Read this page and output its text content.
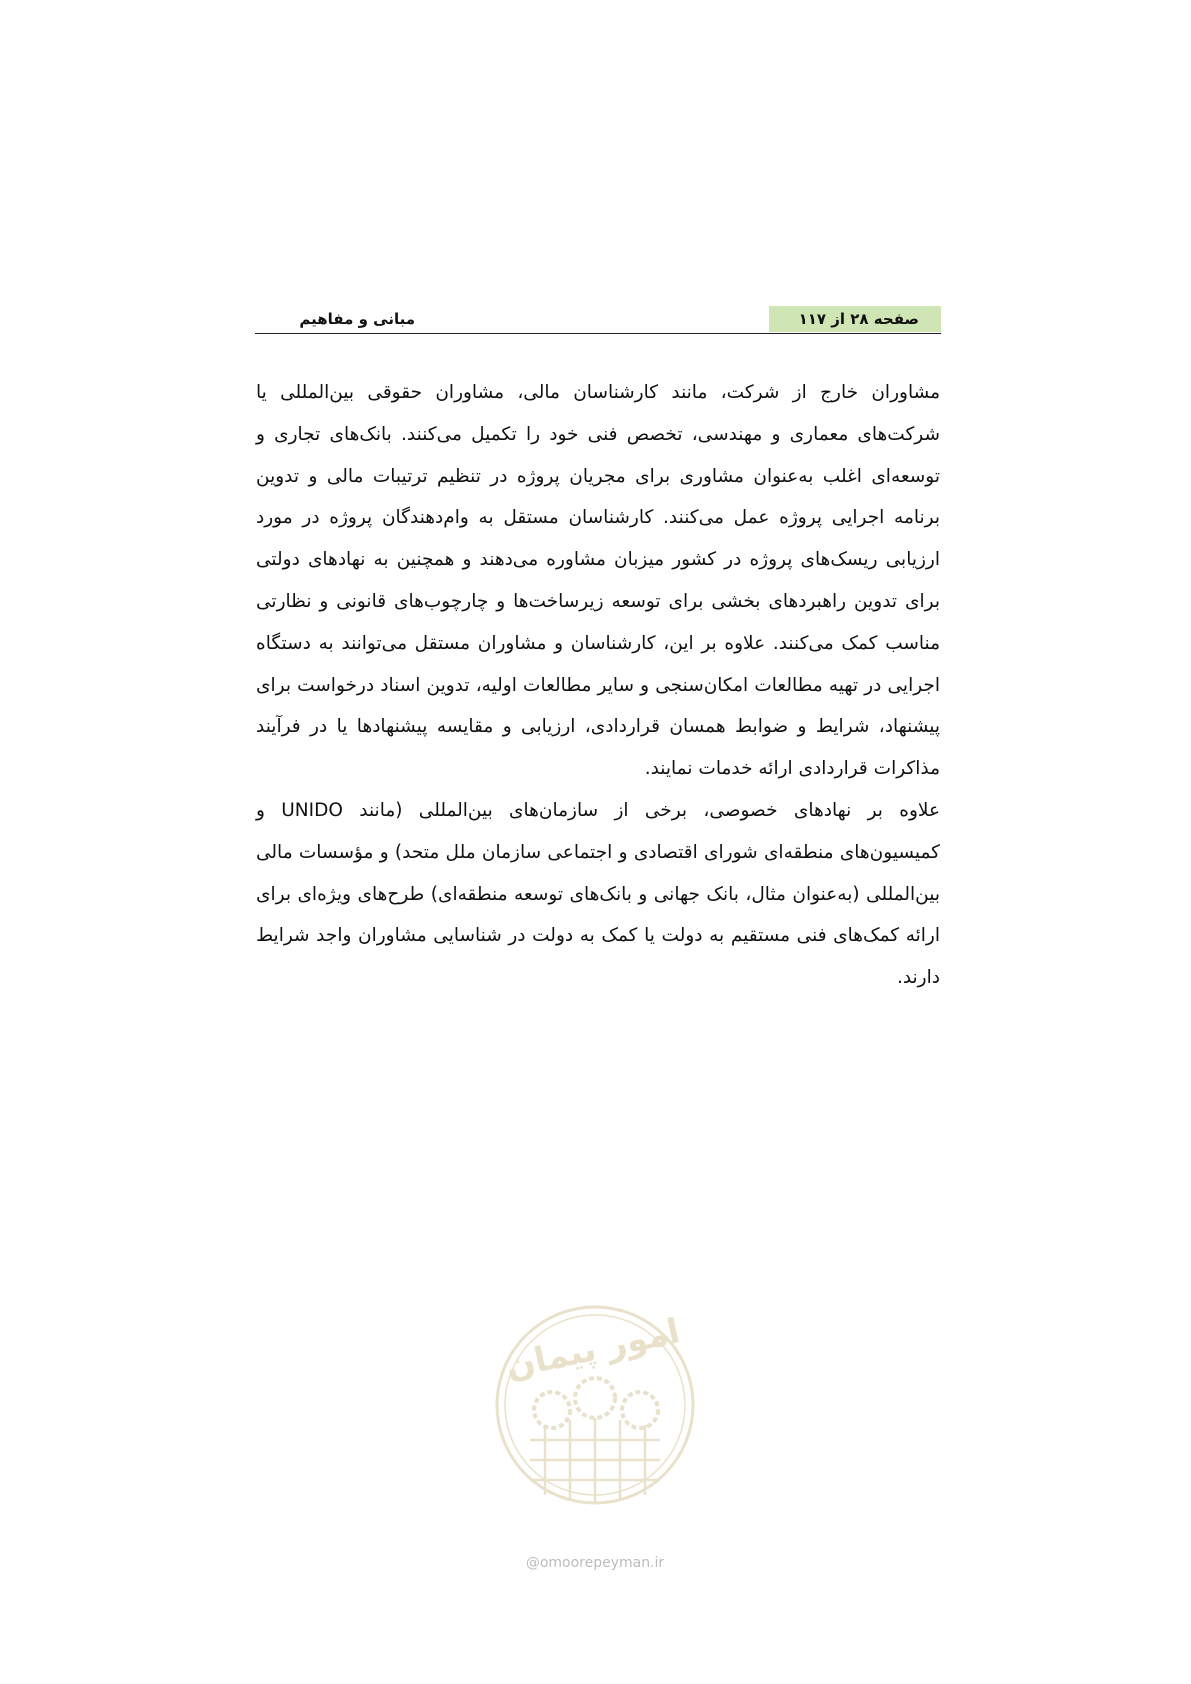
صفحه ۲۸ از ۱۱۷
مبانی و مفاهیم

مشاوران خارج از شرکت، مانند کارشناسان مالی، مشاوران حقوقی بین‌المللی یا شرکت‌های معماری و مهندسی، تخصص فنی خود را تکمیل می‌کنند. بانک‌های تجاری و توسعه‌ای اغلب به‌عنوان مشاوری برای مجریان پروژه در تنظیم ترتیبات مالی و تدوین برنامه اجرایی پروژه عمل می‌کنند. کارشناسان مستقل به وام‌دهندگان پروژه در مورد ارزیابی ریسک‌های پروژه در کشور میزبان مشاوره می‌دهند و همچنین به نهادهای دولتی برای تدوین راهبردهای بخشی برای توسعه زیرساخت‌ها و چارچوب‌های قانونی و نظارتی مناسب کمک می‌کنند. علاوه بر این، کارشناسان و مشاوران مستقل می‌توانند به دستگاه اجرایی در تهیه مطالعات امکان‌سنجی و سایر مطالعات اولیه، تدوین اسناد درخواست برای پیشنهاد، شرایط و ضوابط همسان قراردادی، ارزیابی و مقایسه پیشنهادها یا در فرآیند مذاکرات قراردادی ارائه خدمات نمایند.

علاوه بر نهادهای خصوصی، برخی از سازمان‌های بین‌المللی (مانند UNIDO و کمیسیون‌های منطقه‌ای شورای اقتصادی و اجتماعی سازمان ملل متحد) و مؤسسات مالی بین‌المللی (به‌عنوان مثال، بانک جهانی و بانک‌های توسعه منطقه‌ای) طرح‌های ویژه‌ای برای ارائه کمک‌های فنی مستقیم به دولت یا کمک به دولت در شناسایی مشاوران واجد شرایط دارند.

امور پیمان
@omoorepeyman.ir
